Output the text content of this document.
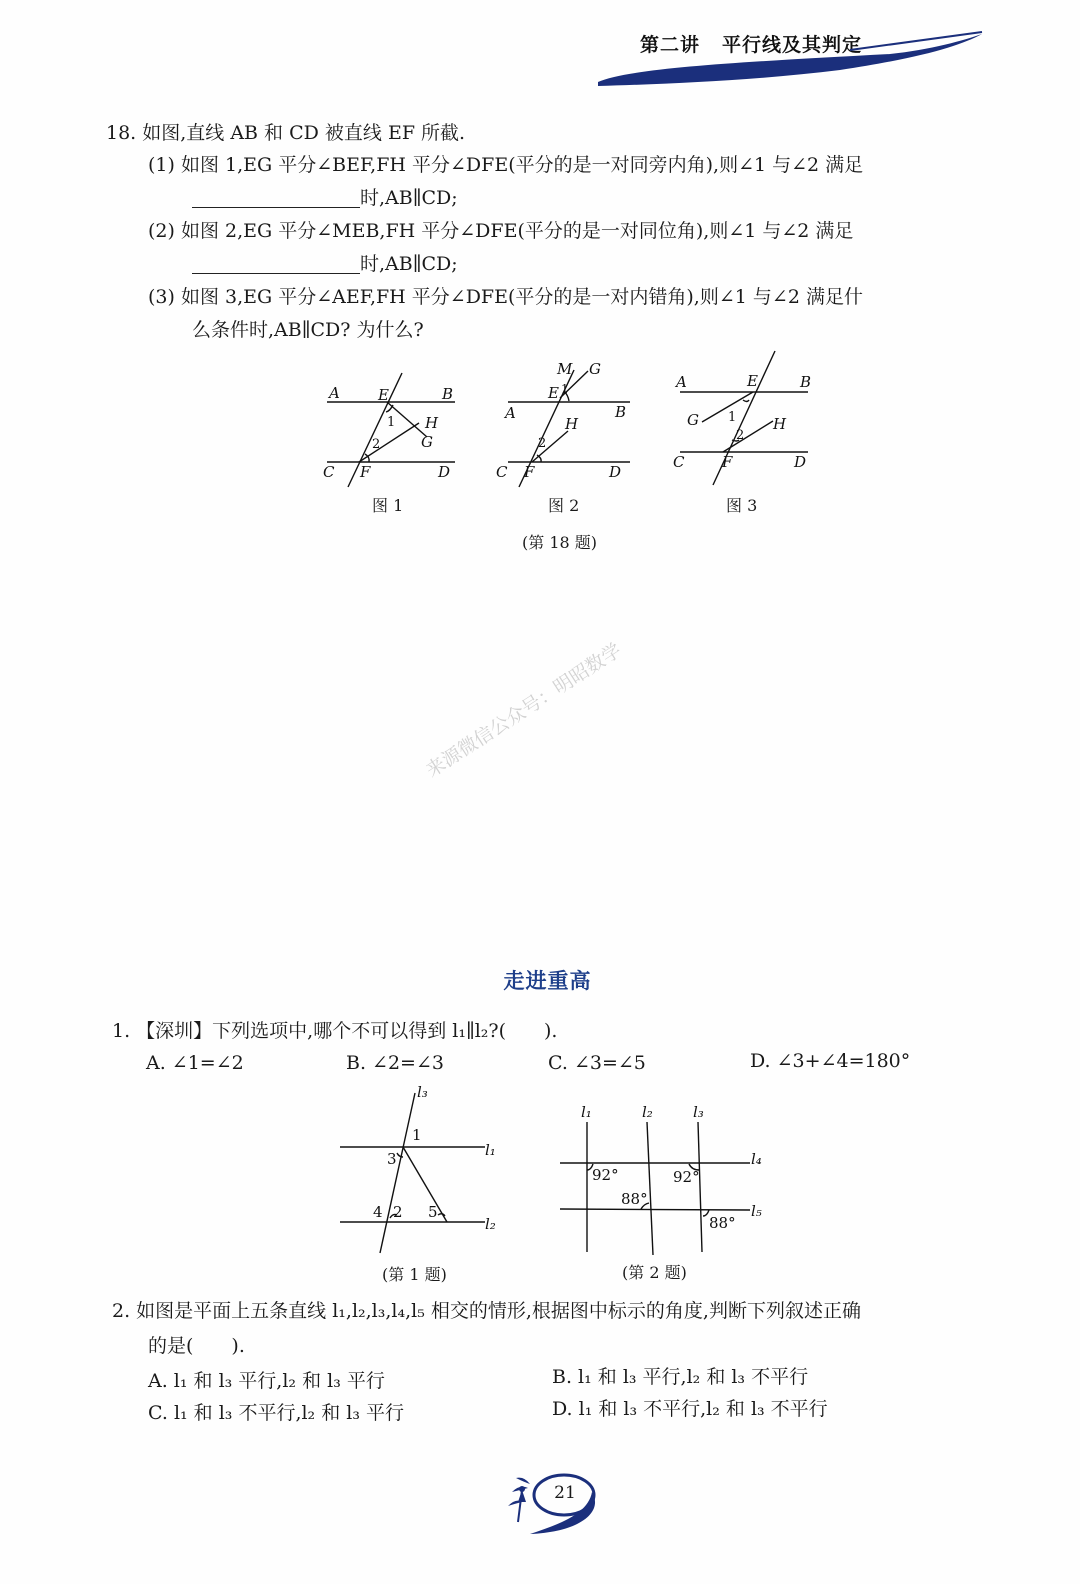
第二讲 平行线及其判定
18. 如图,直线 AB 和 CD 被直线 EF 所截.
(1) 如图 1,EG 平分∠BEF,FH 平分∠DFE(平分的是一对同旁内角),则∠1 与∠2 满足
时,AB∥CD;
(2) 如图 2,EG 平分∠MEB,FH 平分∠DFE(平分的是一对同位角),则∠1 与∠2 满足
时,AB∥CD;
(3) 如图 3,EG 平分∠AEF,FH 平分∠DFE(平分的是一对内错角),则∠1 与∠2 满足什
么条件时,AB∥CD? 为什么?
A	E	B
1 H
G
2
C F	D
图 1
M G
E 1
A	B
H
2
C F	D
图 2
A	E	B
G 1 H
2
C	F	D
图 3
(第 18 题)
来源微信公众号：明昭数学
走进重高
1. 【深圳】下列选项中,哪个不可以得到 l₁∥l₂?(　　).
A. ∠1=∠2	B. ∠2=∠3	C. ∠3=∠5	D. ∠3+∠4=180°
l₃
1
l₁
3
4 2 5
l₂
(第 1 题)
l₁	l₂	l₃
l₄
l₅
92°	92°
88°
88°
(第 2 题)
2. 如图是平面上五条直线 l₁,l₂,l₃,l₄,l₅ 相交的情形,根据图中标示的角度,判断下列叙述正确
的是(　　).
A. l₁ 和 l₃ 平行,l₂ 和 l₃ 平行	B. l₁ 和 l₃ 平行,l₂ 和 l₃ 不平行
C. l₁ 和 l₃ 不平行,l₂ 和 l₃ 平行	D. l₁ 和 l₃ 不平行,l₂ 和 l₃ 不平行
21
